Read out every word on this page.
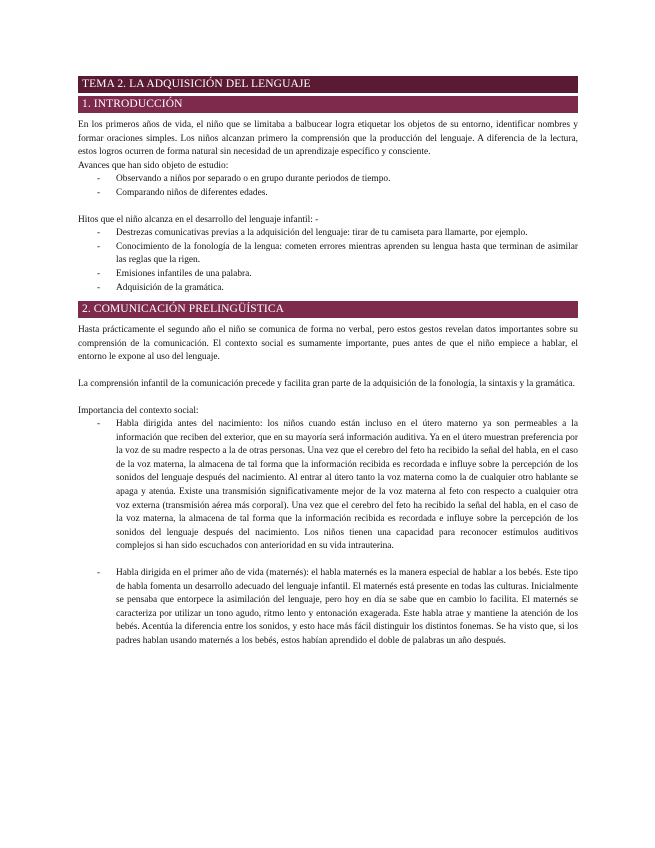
TEMA 2. LA ADQUISICIÓN DEL LENGUAJE
1. INTRODUCCIÓN

En los primeros años de vida, el niño que se limitaba a balbucear logra etiquetar los objetos de su entorno, identificar nombres y formar oraciones simples. Los niños alcanzan primero la comprensión que la producción del lenguaje. A diferencia de la lectura, estos logros ocurren de forma natural sin necesidad de un aprendizaje específico y consciente.

Avances que han sido objeto de estudio:
- Observando a niños por separado o en grupo durante periodos de tiempo.
- Comparando niños de diferentes edades.
Hitos que el niño alcanza en el desarrollo del lenguaje infantil: -
- Destrezas comunicativas previas a la adquisición del lenguaje: tirar de tu camiseta para llamarte, por ejemplo.
- Conocimiento de la fonología de la lengua: cometen errores mientras aprenden su lengua hasta que terminan de asimilar las reglas que la rigen.
- Emisiones infantiles de una palabra.
- Adquisición de la gramática.
2. COMUNICACIÓN PRELINGÜÍSTICA

Hasta prácticamente el segundo año el niño se comunica de forma no verbal, pero estos gestos revelan datos importantes sobre su comprensión de la comunicación. El contexto social es sumamente importante, pues antes de que el niño empiece a hablar, el entorno le expone al uso del lenguaje.

La comprensión infantil de la comunicación precede y facilita gran parte de la adquisición de la fonología, la sintaxis y la gramática.

Importancia del contexto social:
- Habla dirigida antes del nacimiento: los niños cuando están incluso en el útero materno ya son permeables a la información que reciben del exterior, que en su mayoría será información auditiva. Ya en el útero muestran preferencia por la voz de su madre respecto a la de otras personas. Una vez que el cerebro del feto ha recibido la señal del habla, en el caso de la voz materna, la almacena de tal forma que la información recibida es recordada e influye sobre la percepción de los sonidos del lenguaje después del nacimiento. Al entrar al útero tanto la voz materna como la de cualquier otro hablante se apaga y atenúa. Existe una transmisión significativamente mejor de la voz materna al feto con respecto a cualquier otra voz externa (transmisión aérea más corporal). Una vez que el cerebro del feto ha recibido la señal del habla, en el caso de la voz materna, la almacena de tal forma que la información recibida es recordada e influye sobre la percepción de los sonidos del lenguaje después del nacimiento. Los niños tienen una capacidad para reconocer estímulos auditivos complejos si han sido escuchados con anterioridad en su vida intrauterina.
- Habla dirigida en el primer año de vida (maternés): el habla maternés es la manera especial de hablar a los bebés. Este tipo de habla fomenta un desarrollo adecuado del lenguaje infantil. El maternés está presente en todas las culturas. Inicialmente se pensaba que entorpece la asimilación del lenguaje, pero hoy en día se sabe que en cambio lo facilita. El maternés se caracteriza por utilizar un tono agudo, ritmo lento y entonación exagerada. Este habla atrae y mantiene la atención de los bebés. Acentúa la diferencia entre los sonidos, y esto hace más fácil distinguir los distintos fonemas. Se ha visto que, si los padres hablan usando maternés a los bebés, estos habían aprendido el doble de palabras un año después.
